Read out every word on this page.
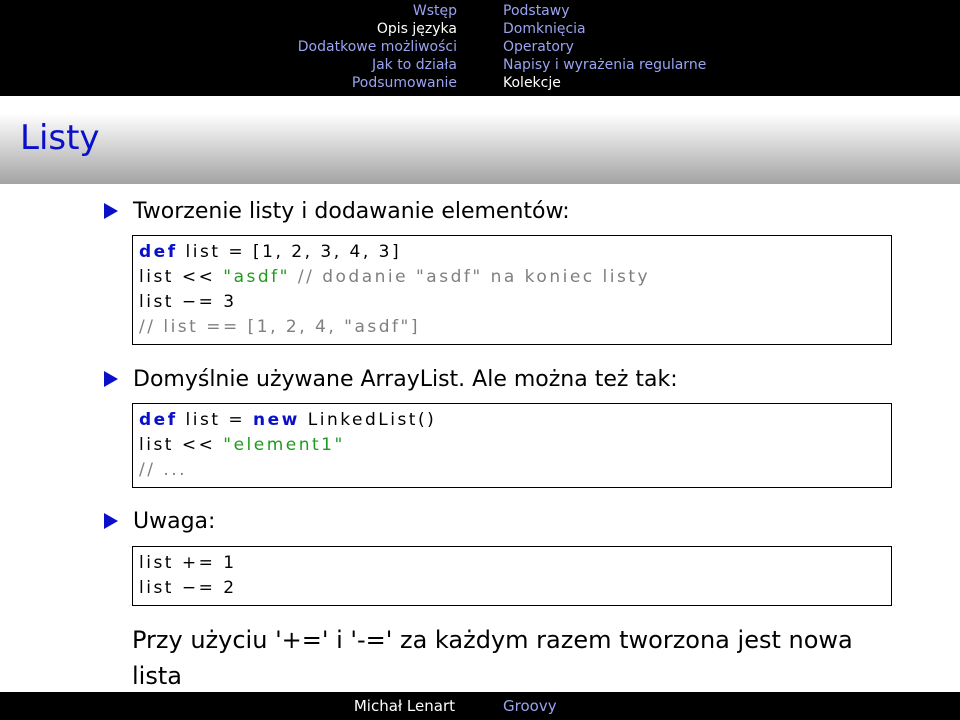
Wstęp
Opis języka
Dodatkowe możliwości
Jak to działa
Podsumowanie
Podstawy
Domknięcia
Operatory
Napisy i wyrażenia regularne
Kolekcje
Listy
Tworzenie listy i dodawanie elementów:
def list = [1, 2, 3, 4, 3]
list << "asdf" // dodanie "asdf" na koniec listy
list −= 3
// list == [1, 2, 4, "asdf"]
Domyślnie używane ArrayList. Ale można też tak:
def list = new LinkedList()
list << "element1"
// ...
Uwaga:
list += 1
list −= 2
Przy użyciu '+=' i '-=' za każdym razem tworzona jest nowa lista
Michał Lenart	Groovy
